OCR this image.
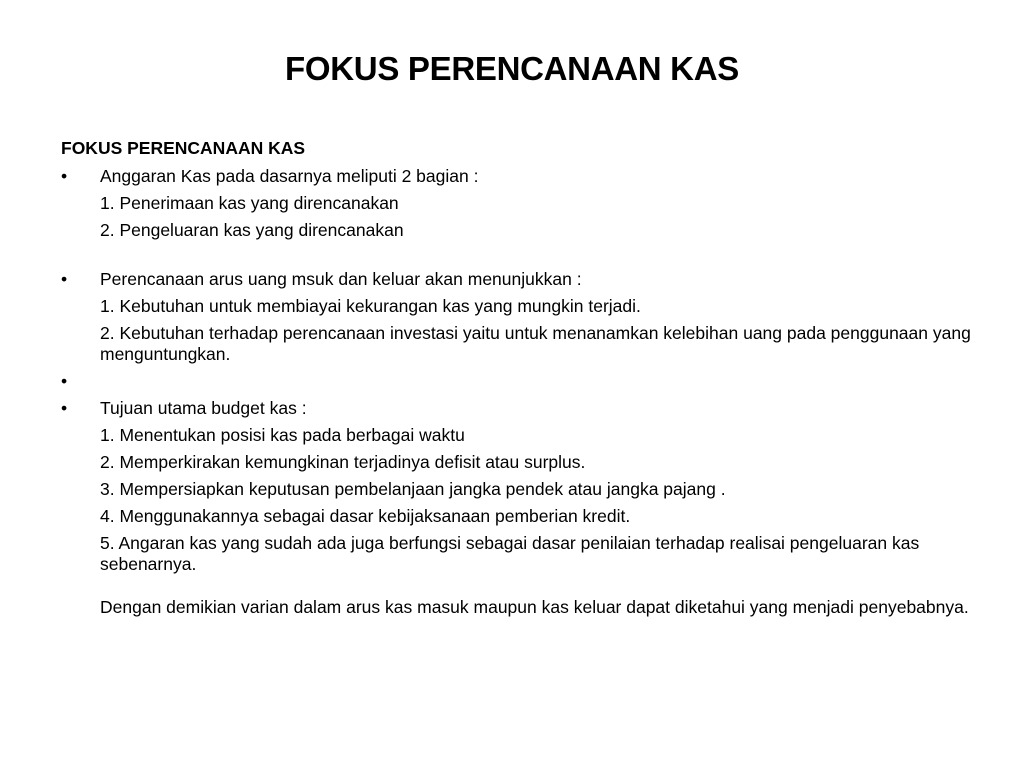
FOKUS PERENCANAAN KAS
FOKUS PERENCANAAN KAS
• Anggaran Kas pada dasarnya meliputi 2 bagian :
1. Penerimaan kas yang direncanakan
2. Pengeluaran kas yang direncanakan
• Perencanaan arus uang msuk dan keluar akan menunjukkan :
1. Kebutuhan untuk membiayai kekurangan kas yang mungkin terjadi.
2. Kebutuhan terhadap perencanaan investasi yaitu untuk menanamkan kelebihan uang pada penggunaan yang menguntungkan.
•
• Tujuan utama budget kas :
1. Menentukan posisi kas pada berbagai waktu
2. Memperkirakan kemungkinan terjadinya defisit atau surplus.
3. Mempersiapkan keputusan pembelanjaan jangka pendek atau jangka pajang .
4. Menggunakannya sebagai dasar kebijaksanaan pemberian kredit.
5. Angaran kas yang sudah ada juga berfungsi sebagai dasar penilaian terhadap realisai pengeluaran kas sebenarnya.
Dengan demikian varian dalam arus kas masuk maupun kas keluar dapat diketahui yang menjadi penyebabnya.
